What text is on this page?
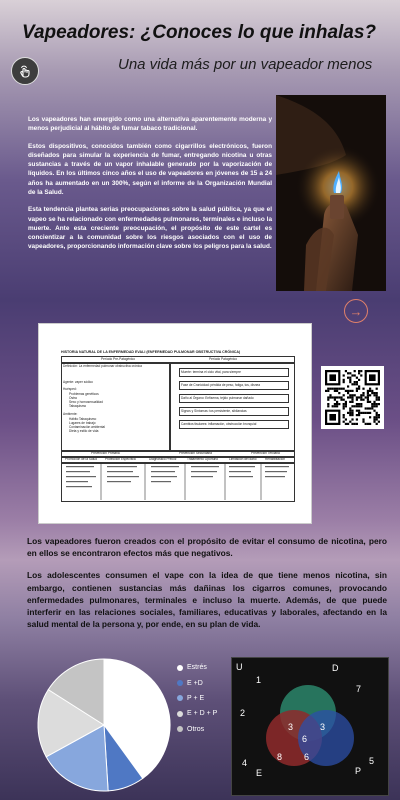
Vapeadores: ¿Conoces lo que inhalas?
Una vida más por un vapeador menos

Los vapeadores han emergido como una alternativa aparentemente moderna y menos perjudicial al hábito de fumar tabaco tradicional.

Estos dispositivos, conocidos también como cigarrillos electrónicos, fueron diseñados para simular la experiencia de fumar, entregando nicotina u otras sustancias a través de un vapor inhalable generado por la vaporización de líquidos. En los últimos cinco años el uso de vapeadores en jóvenes de 15 a 24 años ha aumentado en un 300%, según el informe de la Organización Mundial de la Salud.

Esta tendencia plantea serias preocupaciones sobre la salud pública, ya que el vapeo se ha relacionado con enfermedades pulmonares, terminales e incluso la muerte. Ante esta creciente preocupación, el propósito de este cartel es concientizar a la comunidad sobre los riesgos asociados con el uso de vapeadores, proporcionando información clave sobre los peligros para la salud.

→
HISTORIA NATURAL DE LA ENFERMEDAD EVALI (ENFERMEDAD PULMONAR OBSTRUCTIVA CRÓNICA)
Período Pre-Patogénico	Período Patogénico
Definición: La enfermedad pulmonar obstructiva crónica
Agente: vaper sódico
Huésped:
Problemas genéticos
Ostra
Sexo y homosexualidad
Tabaquismo
Ambiente:
Hábito Tabaquismo
Lugares de trabajo
Contaminación ambiental
Dieta y estilo de vida
Muerte: termina el ciclo vital, para siempre
Fase de Cronicidad: pérdida de peso, fatiga, tos, disnea
Daño al Órgano: Enfisema, tejido pulmonar dañado
Signos y Síntomas: tos persistente, sibilancias
Cambios tisulares: inflamación, obstrucción bronquial
Prevención Primaria	Prevención Secundaria	Prevención Terciaria
Promoción de la Salud Protección Específica	Diagnóstico Precoz	Tratamiento Oportuno	Limitación del daño	Rehabilitación

Los vapeadores fueron creados con el propósito de evitar el consumo de nicotina, pero en ellos se encontraron efectos más que negativos.

Los adolescentes consumen el vape con la idea de que tiene menos nicotina, sin embargo, contienen sustancias más dañinas los cigarros comunes, provocando enfermedades pulmonares, terminales e incluso la muerte. Además, de que puede interferir en las relaciones sociales, familiares, educativas y laborales, afectando en la salud mental de la persona y, por ende, en su plan de vida.

Estrés
E +D
P + E
E + D + P
Otros
U	D
E	P
1
2
4
7
5
3
6
6
3
8
